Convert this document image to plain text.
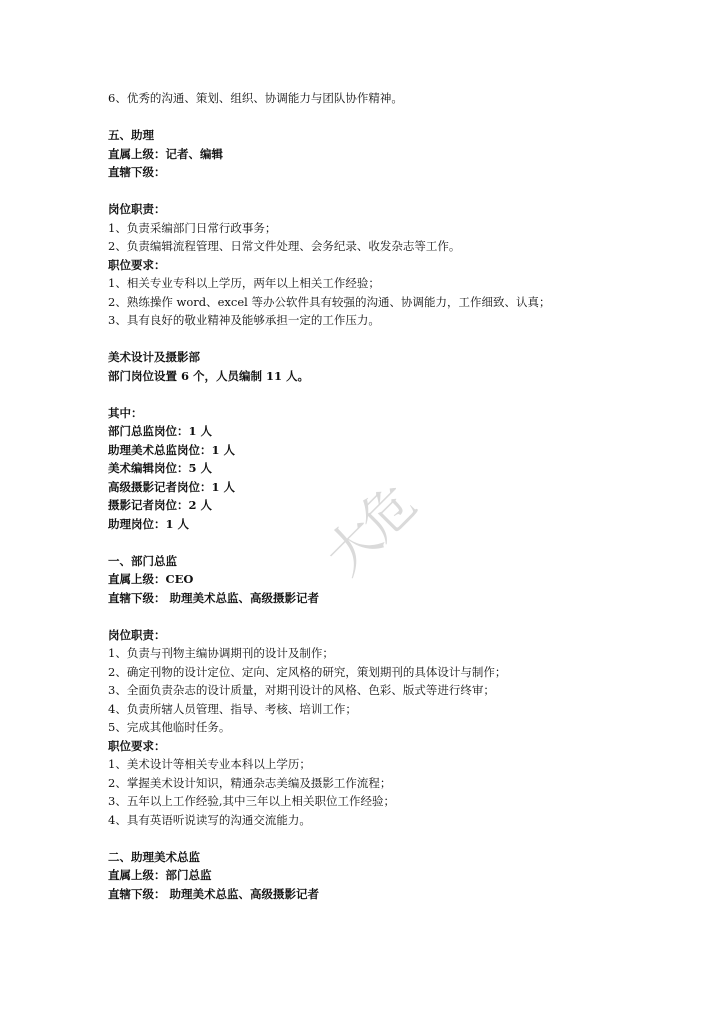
6、优秀的沟通、策划、组织、协调能力与团队协作精神。
五、助理
直属上级：记者、编辑
直辖下级：
岗位职责：
1、负责采编部门日常行政事务；
2、负责编辑流程管理、日常文件处理、会务纪录、收发杂志等工作。
职位要求：
1、相关专业专科以上学历，两年以上相关工作经验；
2、熟练操作 word、excel 等办公软件具有较强的沟通、协调能力，工作细致、认真；
3、具有良好的敬业精神及能够承担一定的工作压力。
美术设计及摄影部
部门岗位设置 6 个，人员编制 11 人。
其中：
部门总监岗位：1 人
助理美术总监岗位：1 人
美术编辑岗位：5 人
高级摄影记者岗位：1 人
摄影记者岗位：2 人
助理岗位：1 人
一、部门总监
直属上级：CEO
直辖下级： 助理美术总监、高级摄影记者
岗位职责：
1、负责与刊物主编协调期刊的设计及制作；
2、确定刊物的设计定位、定向、定风格的研究，策划期刊的具体设计与制作；
3、全面负责杂志的设计质量，对期刊设计的风格、色彩、版式等进行终审；
4、负责所辖人员管理、指导、考核、培训工作；
5、完成其他临时任务。
职位要求：
1、美术设计等相关专业本科以上学历；
2、掌握美术设计知识，精通杂志美编及摄影工作流程；
3、五年以上工作经验,其中三年以上相关职位工作经验；
4、具有英语听说读写的沟通交流能力。
二、助理美术总监
直属上级：部门总监
直辖下级： 助理美术总监、高级摄影记者
大危
